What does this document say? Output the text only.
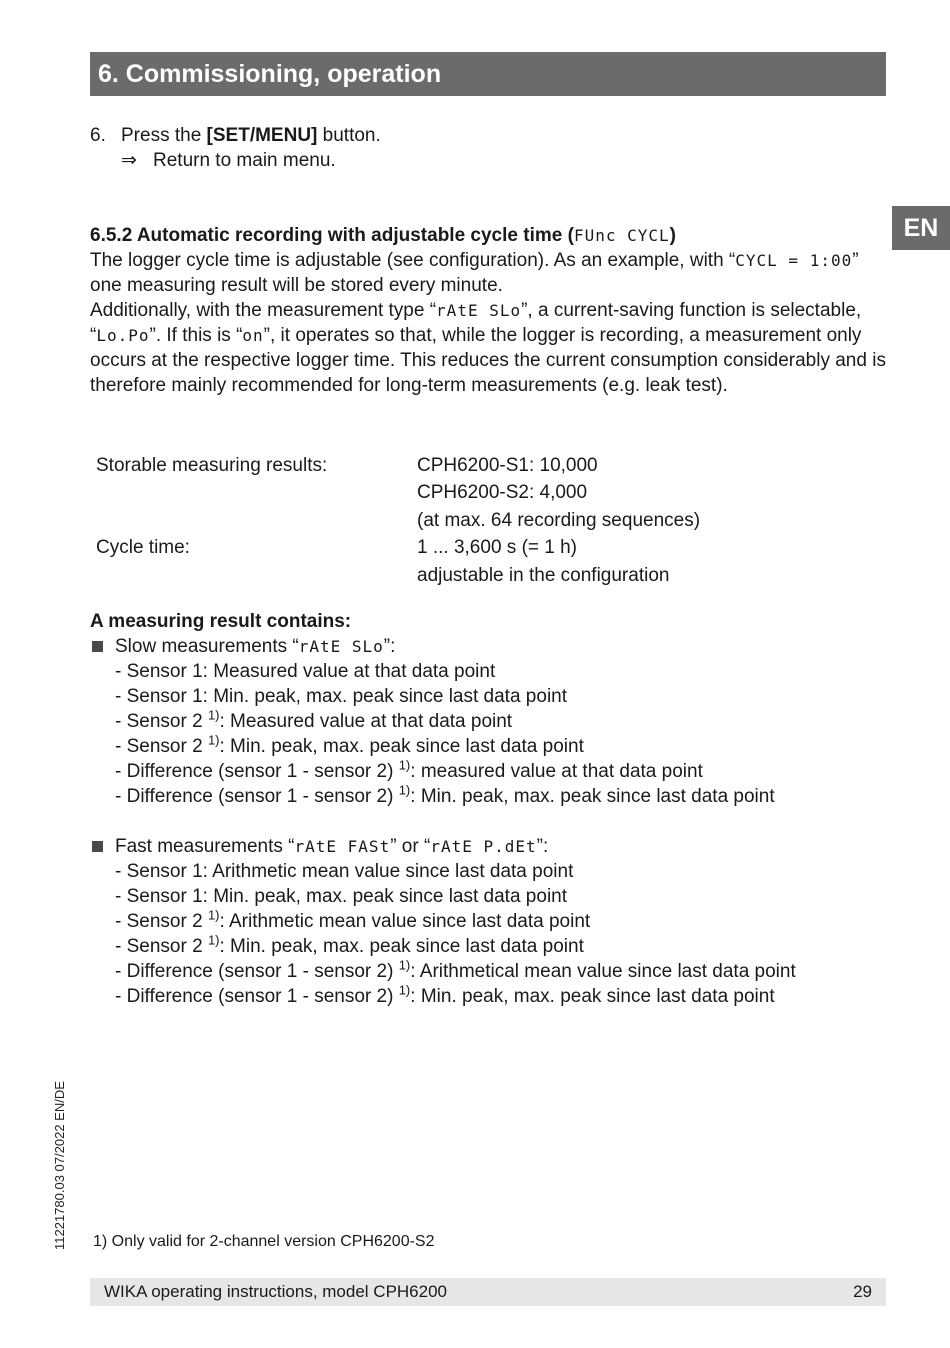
6. Commissioning, operation
EN
6. Press the [SET/MENU] button.
⇒ Return to main menu.
6.5.2 Automatic recording with adjustable cycle time (FUnc CYCL)

The logger cycle time is adjustable (see configuration). As an example, with “CYCL = 1:00” one measuring result will be stored every minute.

Additionally, with the measurement type “rAtE SLo”, a current-saving function is selectable, “Lo.Po”. If this is “on”, it operates so that, while the logger is recording, a measurement only occurs at the respective logger time. This reduces the current consumption considerably and is therefore mainly recommended for long-term measurements (e.g. leak test).

Storable measuring results:	CPH6200-S1: 10,000
CPH6200-S2: 4,000
(at max. 64 recording sequences)

Cycle time:	1 ... 3,600 s (= 1 h)
adjustable in the configuration
A measuring result contains:
Slow measurements “rAtE SLo”:
- Sensor 1: Measured value at that data point
- Sensor 1: Min. peak, max. peak since last data point
- Sensor 2 $^{1)}$: Measured value at that data point
- Sensor 2 $^{1)}$: Min. peak, max. peak since last data point
- Difference (sensor 1 - sensor 2) $^{1)}$: measured value at that data point
- Difference (sensor 1 - sensor 2) $^{1)}$: Min. peak, max. peak since last data point
Fast measurements “rAtE FASt” or “rAtE P.dEt”:
- Sensor 1: Arithmetic mean value since last data point
- Sensor 1: Min. peak, max. peak since last data point
- Sensor 2 $^{1)}$: Arithmetic mean value since last data point
- Sensor 2 $^{1)}$: Min. peak, max. peak since last data point
- Difference (sensor 1 - sensor 2) $^{1)}$: Arithmetical mean value since last data point
- Difference (sensor 1 - sensor 2) $^{1)}$: Min. peak, max. peak since last data point
11221780.03 07/2022 EN/DE 1) Only valid for 2-channel version CPH6200-S2
WIKA operating instructions, model CPH6200	29
